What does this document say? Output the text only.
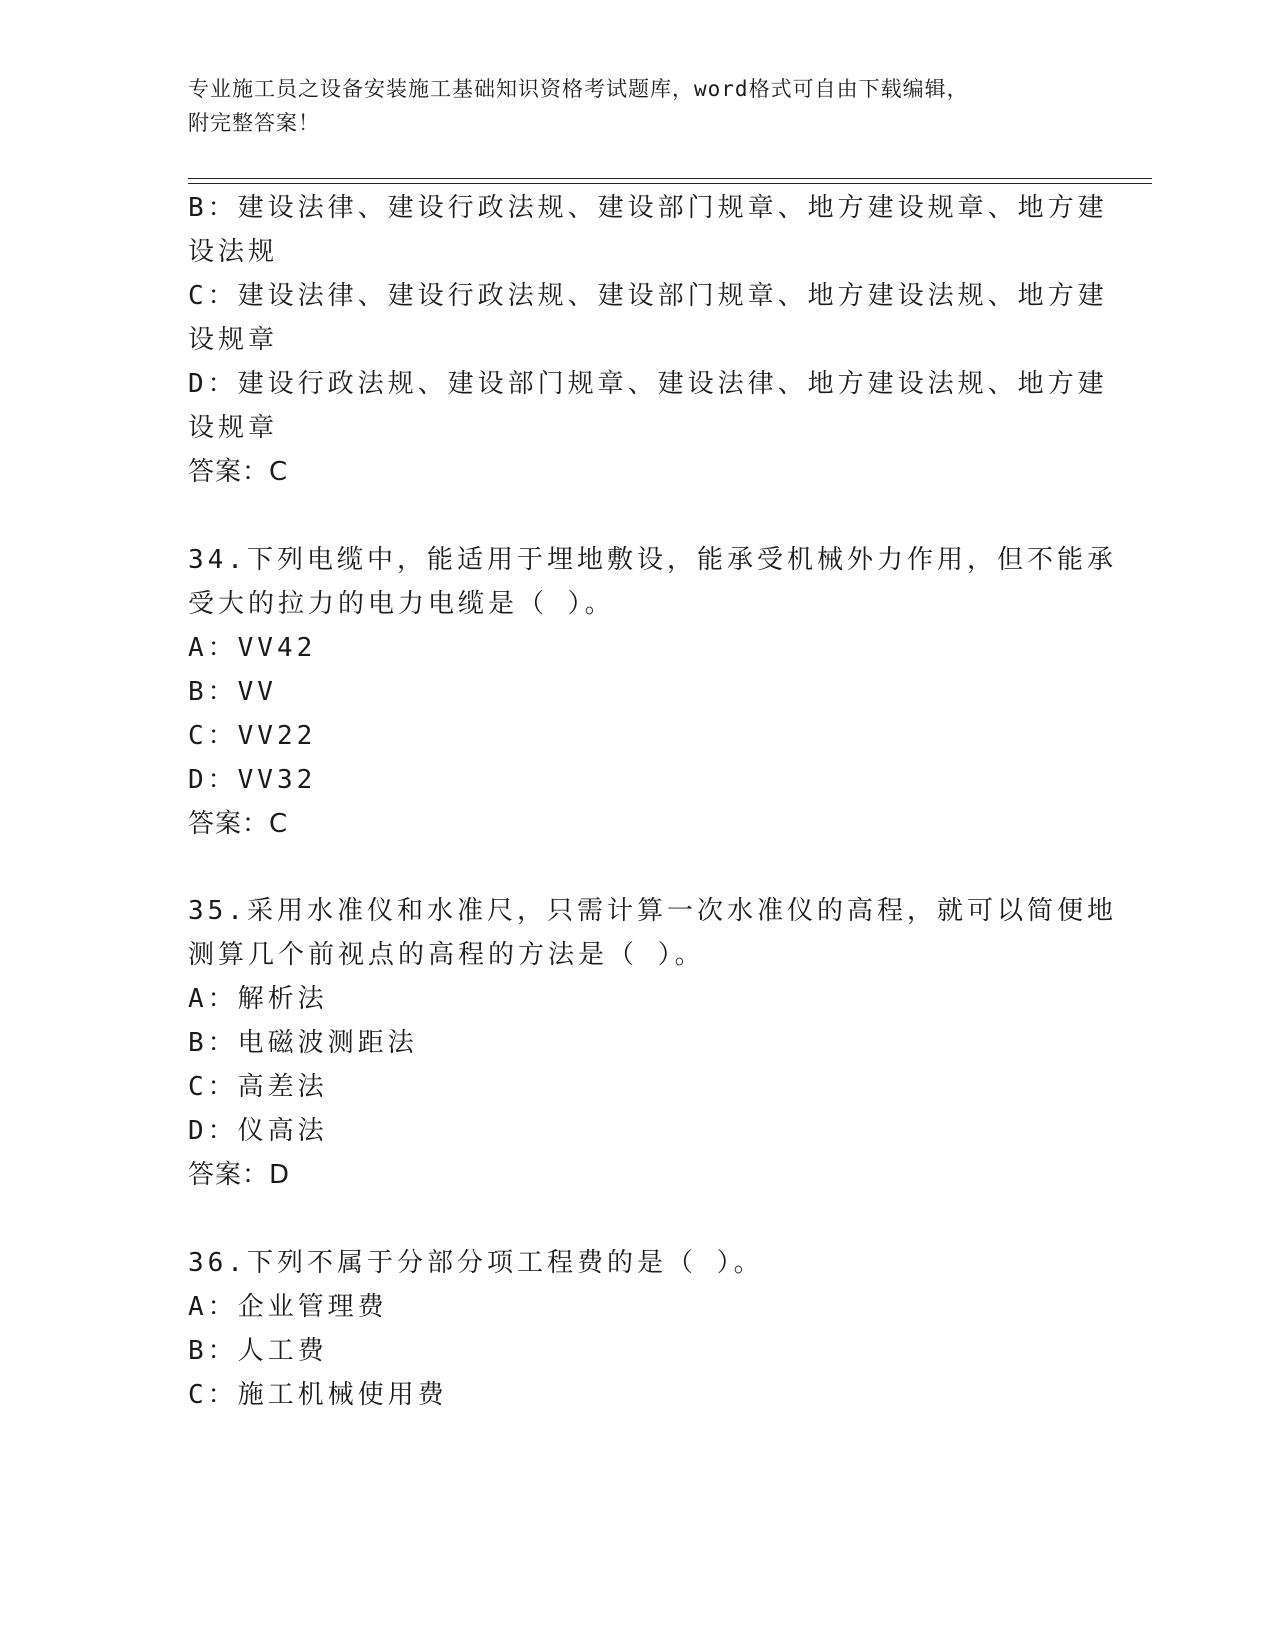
专业施工员之设备安装施工基础知识资格考试题库，word格式可自由下载编辑，
附完整答案！
B：建设法律、建设行政法规、建设部门规章、地方建设规章、地方建
设法规
C：建设法律、建设行政法规、建设部门规章、地方建设法规、地方建
设规章
D：建设行政法规、建设部门规章、建设法律、地方建设法规、地方建
设规章
答案：C
34.下列电缆中，能适用于埋地敷设，能承受机械外力作用，但不能承
受大的拉力的电力电缆是（ ）。
A：VV42
B：VV
C：VV22
D：VV32
答案：C
35.采用水准仪和水准尺，只需计算一次水准仪的高程，就可以简便地
测算几个前视点的高程的方法是（ ）。
A：解析法
B：电磁波测距法
C：高差法
D：仪高法
答案：D
36.下列不属于分部分项工程费的是（ ）。
A：企业管理费
B：人工费
C：施工机械使用费
